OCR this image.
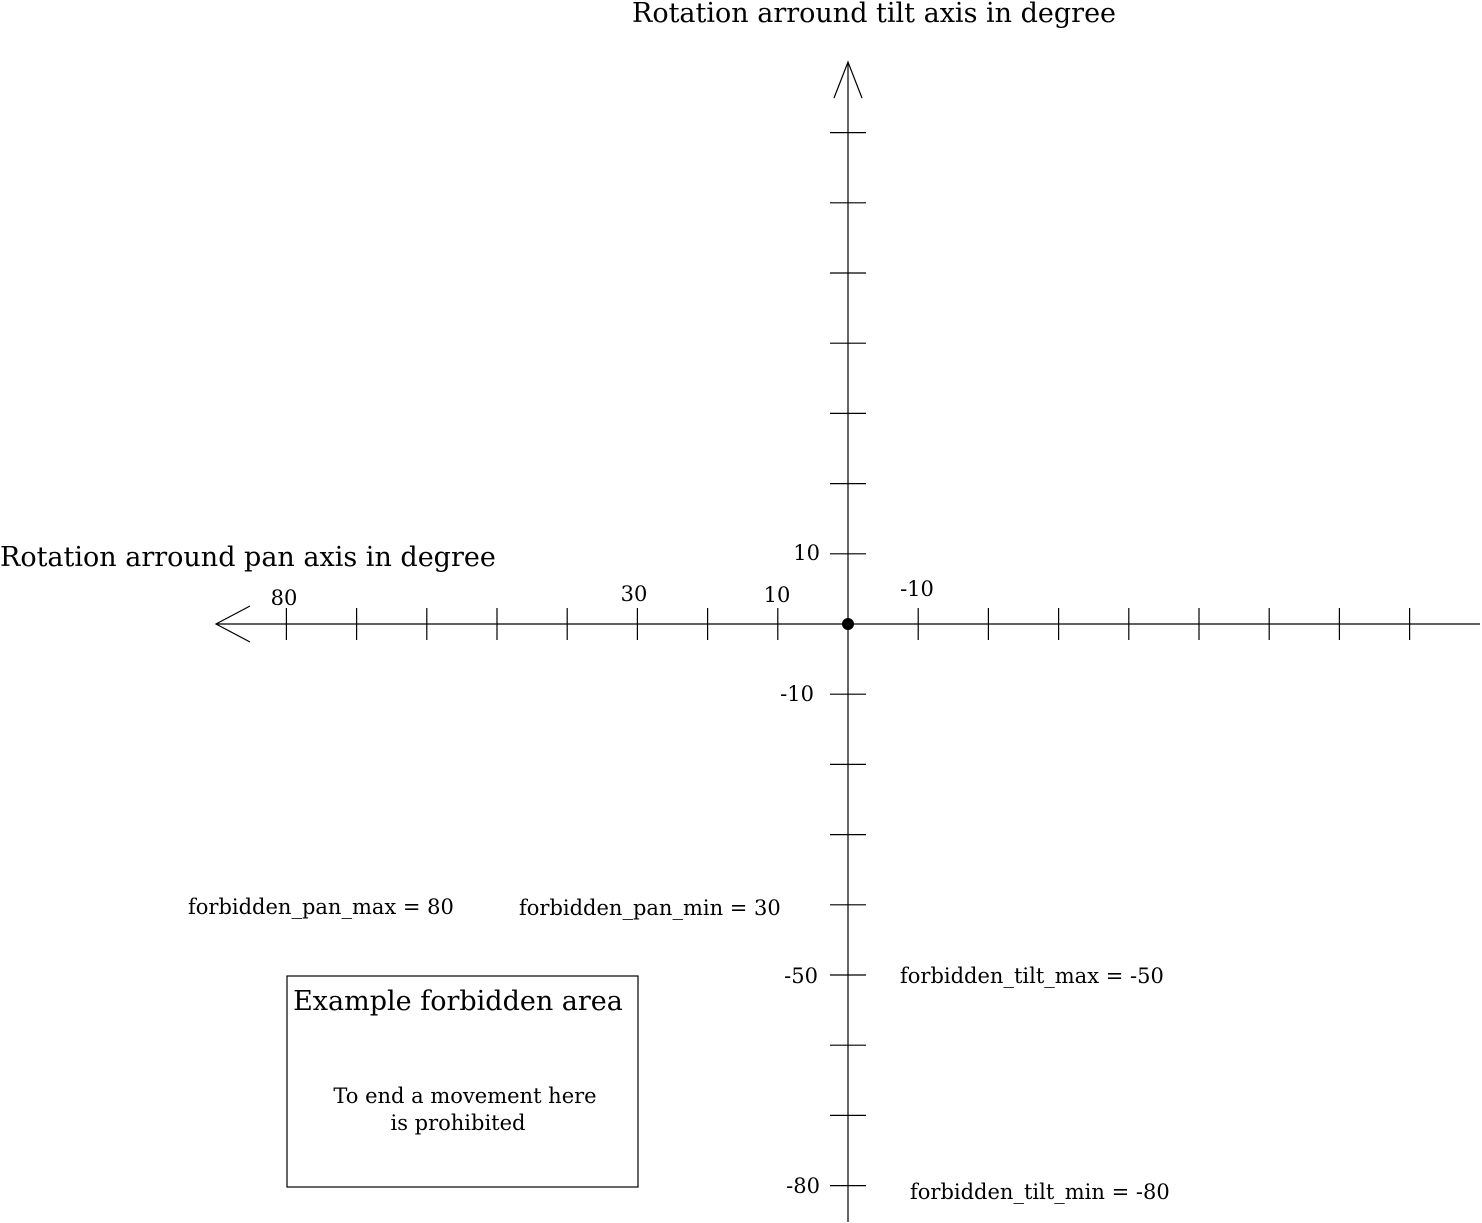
Rotation arround tilt axis in degree
Rotation arround pan axis in degree
80	30	10	-10
10
-10
-50
-80
forbidden_pan_max = 80	forbidden_pan_min = 30
forbidden_tilt_max = -50
forbidden_tilt_min = -80
Example forbidden area
To end a movement here
is prohibited
